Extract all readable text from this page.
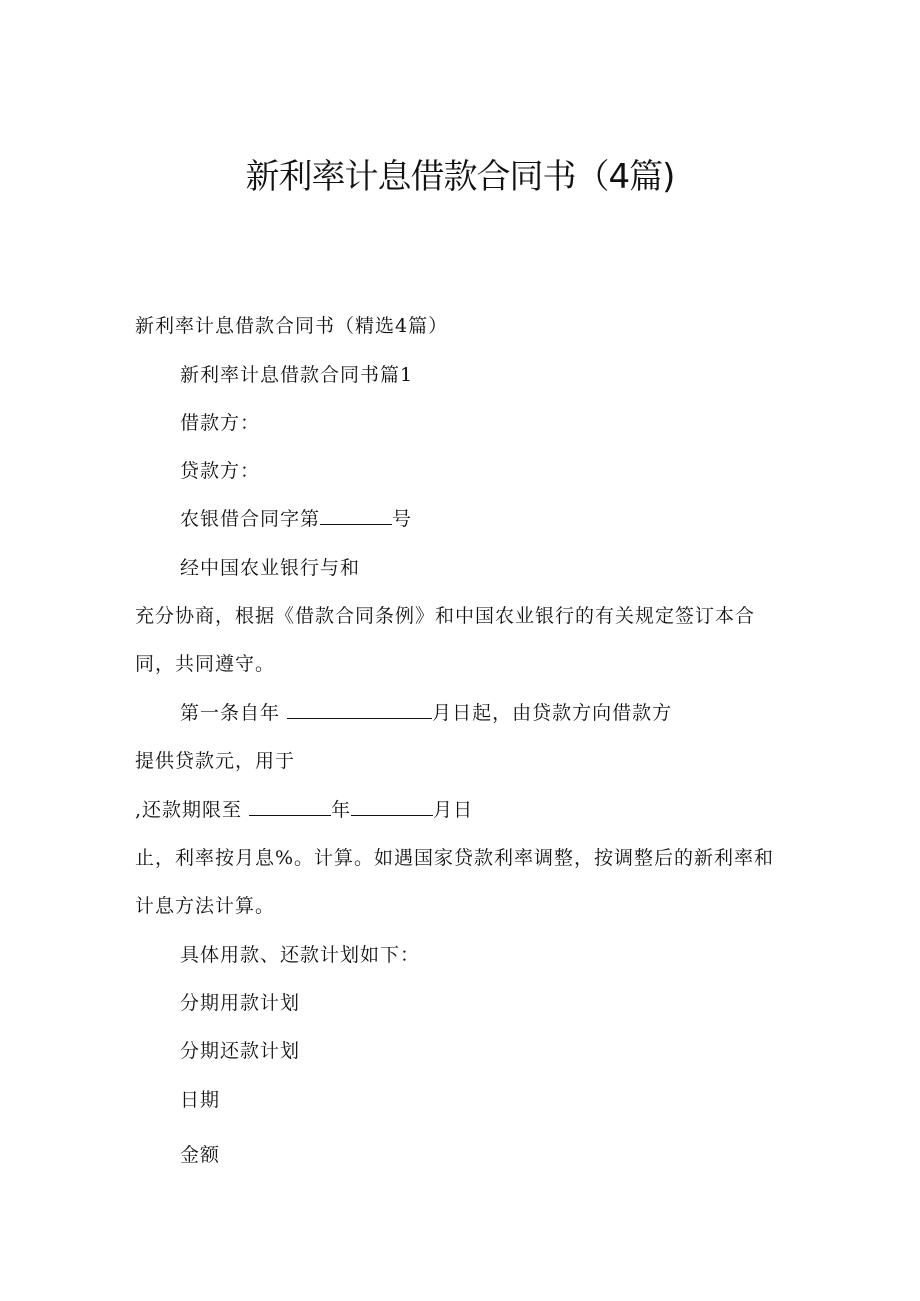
新利率计息借款合同书（4篇)
新利率计息借款合同书（精选4篇）
新利率计息借款合同书篇1
借款方：
贷款方：
农银借合同字第	号
经中国农业银行与和
充分协商，根据《借款合同条例》和中国农业银行的有关规定签订本合
同，共同遵守。
第一条自年	月日起，由贷款方向借款方
提供贷款元，用于
,还款期限至	年	月日
止，利率按月息%。计算。如遇国家贷款利率调整，按调整后的新利率和
计息方法计算。
具体用款、还款计划如下：
分期用款计划
分期还款计划
日期
金额
